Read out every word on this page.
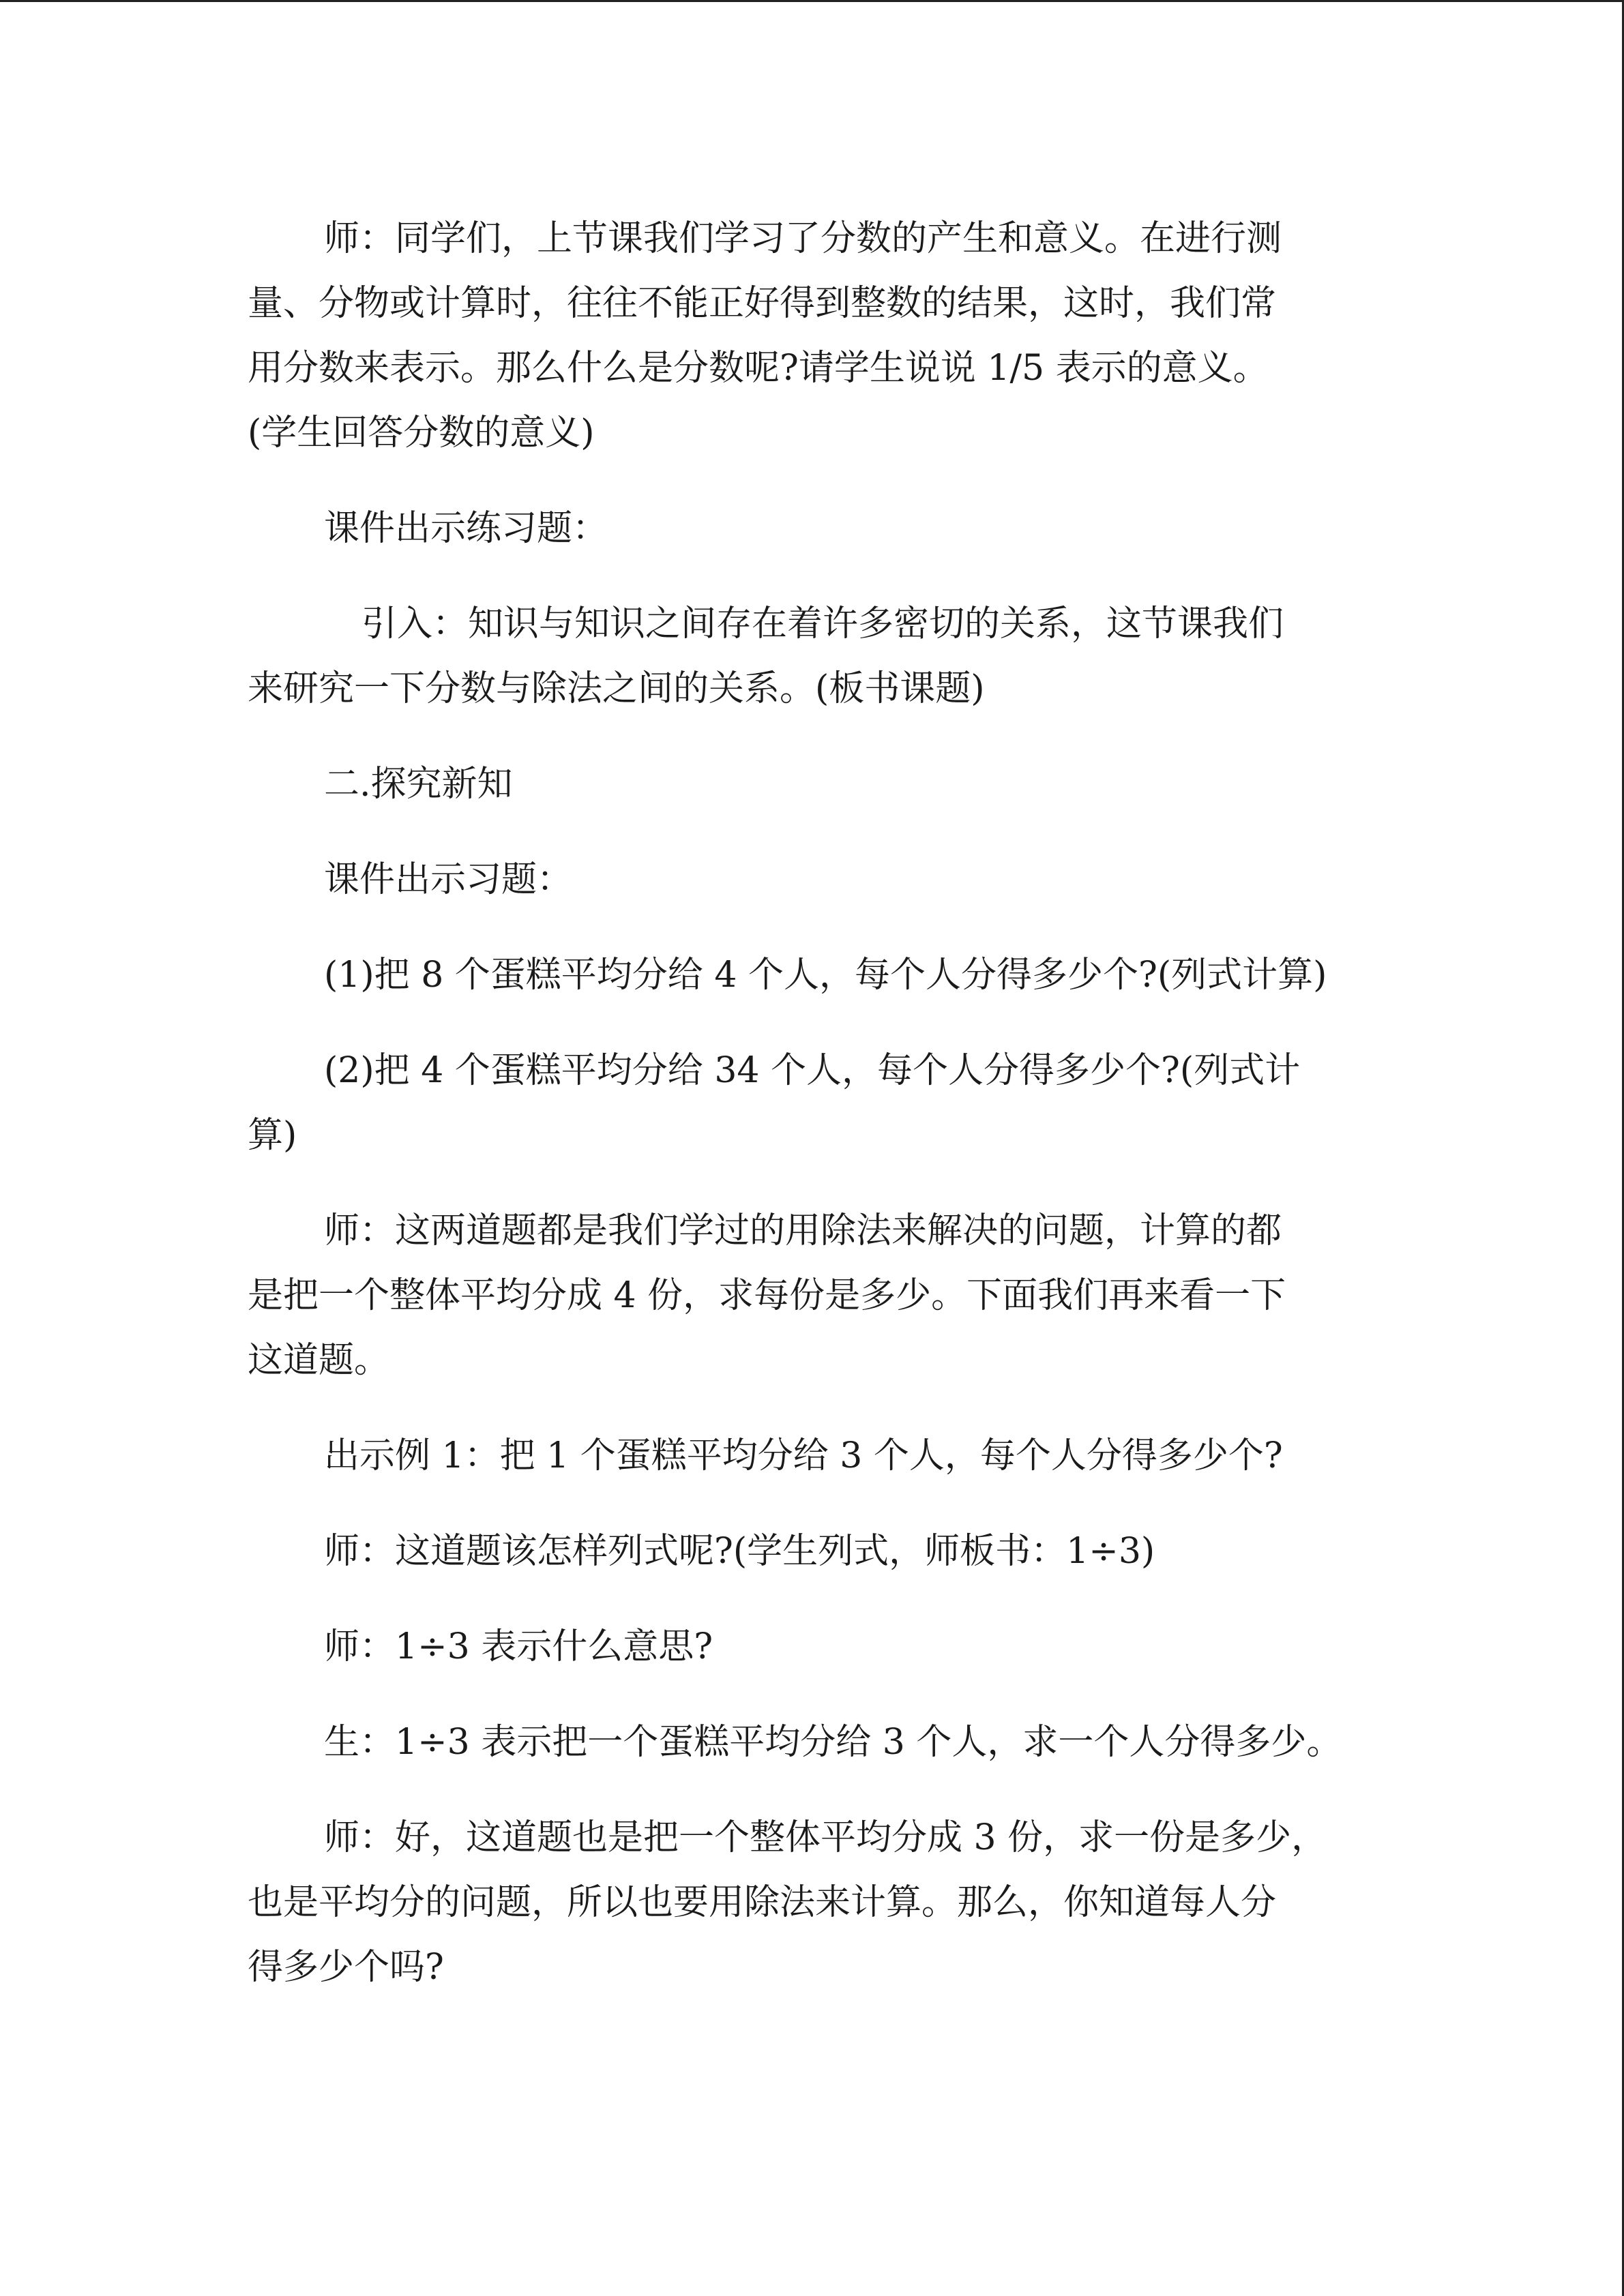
师：同学们，上节课我们学习了分数的产生和意义。在进行测
量、分物或计算时，往往不能正好得到整数的结果，这时，我们常
用分数来表示。那么什么是分数呢?请学生说说 1/5 表示的意义。
(学生回答分数的意义)

课件出示练习题：

引入：知识与知识之间存在着许多密切的关系，这节课我们
来研究一下分数与除法之间的关系。(板书课题)

二.探究新知

课件出示习题：

(1)把 8 个蛋糕平均分给 4 个人，每个人分得多少个?(列式计算)

(2)把 4 个蛋糕平均分给 34 个人，每个人分得多少个?(列式计
算)

师：这两道题都是我们学过的用除法来解决的问题，计算的都
是把一个整体平均分成 4 份，求每份是多少。下面我们再来看一下
这道题。

出示例 1：把 1 个蛋糕平均分给 3 个人，每个人分得多少个?

师：这道题该怎样列式呢?(学生列式，师板书：1÷3)

师：1÷3 表示什么意思?

生：1÷3 表示把一个蛋糕平均分给 3 个人，求一个人分得多少。

师：好，这道题也是把一个整体平均分成 3 份，求一份是多少，
也是平均分的问题，所以也要用除法来计算。那么，你知道每人分
得多少个吗?
